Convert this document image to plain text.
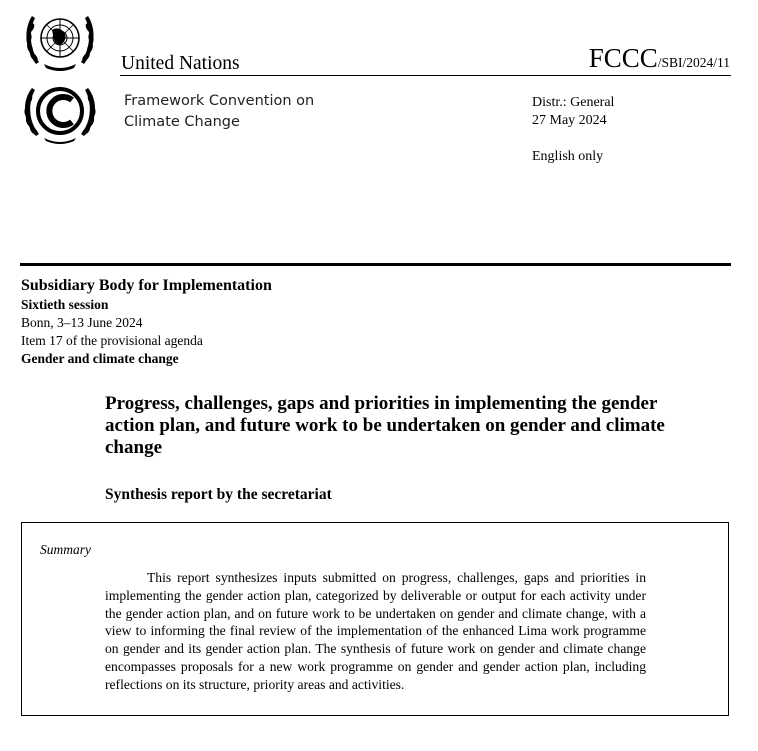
United Nations	FCCC/SBI/2024/11
Framework Convention on
Climate Change
Distr.: General
27 May 2024
English only
Subsidiary Body for Implementation
Sixtieth session
Bonn, 3–13 June 2024
Item 17 of the provisional agenda
Gender and climate change
Progress, challenges, gaps and priorities in implementing the gender action plan, and future work to be undertaken on gender and climate change
Synthesis report by the secretariat
Summary
This report synthesizes inputs submitted on progress, challenges, gaps and priorities in implementing the gender action plan, categorized by deliverable or output for each activity under the gender action plan, and on future work to be undertaken on gender and climate change, with a view to informing the final review of the implementation of the enhanced Lima work programme on gender and its gender action plan. The synthesis of future work on gender and climate change encompasses proposals for a new work programme on gender and gender action plan, including reflections on its structure, priority areas and activities.
